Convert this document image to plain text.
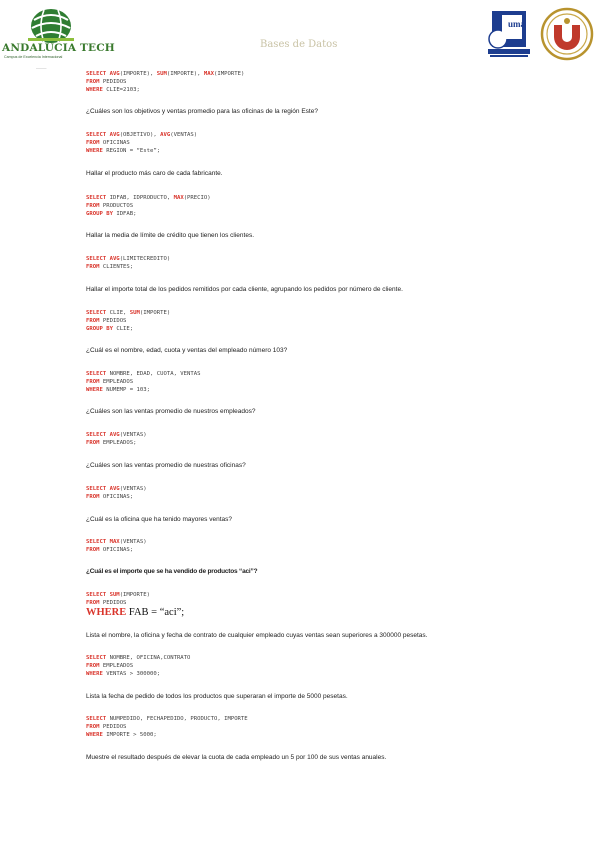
ANDALUCIA TECH
Campus de Excelencia Internacional
Bases de Datos
uma
———
SELECT AVG(IMPORTE), SUM(IMPORTE), MAX(IMPORTE)
FROM PEDIDOS
WHERE CLIE=2103;
¿Cuáles son los objetivos y ventas promedio para las oficinas de la región Este?
SELECT AVG(OBJETIVO), AVG(VENTAS)
FROM OFICINAS
WHERE REGION = “Este”;
Hallar el producto más caro de cada fabricante.
SELECT IDFAB, IDPRODUCTO, MAX(PRECIO)
FROM PRODUCTOS
GROUP BY IDFAB;
Hallar la media de límite de crédito que tienen los clientes.
SELECT AVG(LIMITECREDITO)
FROM CLIENTES;
Hallar el importe total de los pedidos remitidos por cada cliente, agrupando los pedidos por número de cliente.
SELECT CLIE, SUM(IMPORTE)
FROM PEDIDOS
GROUP BY CLIE;
¿Cuál es el nombre, edad, cuota y ventas del empleado número 103?
SELECT NOMBRE, EDAD, CUOTA, VENTAS
FROM EMPLEADOS
WHERE NUMEMP = 103;
¿Cuáles son las ventas promedio de nuestros empleados?
SELECT AVG(VENTAS)
FROM EMPLEADOS;
¿Cuáles son las ventas promedio de nuestras oficinas?
SELECT AVG(VENTAS)
FROM OFICINAS;
¿Cuál es la oficina que ha tenido mayores ventas?
SELECT MAX(VENTAS)
FROM OFICINAS;
¿Cuál es el importe que se ha vendido de productos “aci”?
SELECT SUM(IMPORTE)
FROM PEDIDOS
WHERE FAB = “aci”;
Lista el nombre, la oficina y fecha de contrato de cualquier empleado cuyas ventas sean superiores a 300000 pesetas.
SELECT NOMBRE, OFICINA,CONTRATO
FROM EMPLEADOS
WHERE VENTAS > 300000;
Lista la fecha de pedido de todos los productos que superaran el importe de 5000 pesetas.
SELECT NUMPEDIDO, FECHAPEDIDO, PRODUCTO, IMPORTE
FROM PEDIDOS
WHERE IMPORTE > 5000;
Muestre el resultado después de elevar la cuota de cada empleado un 5 por 100 de sus ventas anuales.
